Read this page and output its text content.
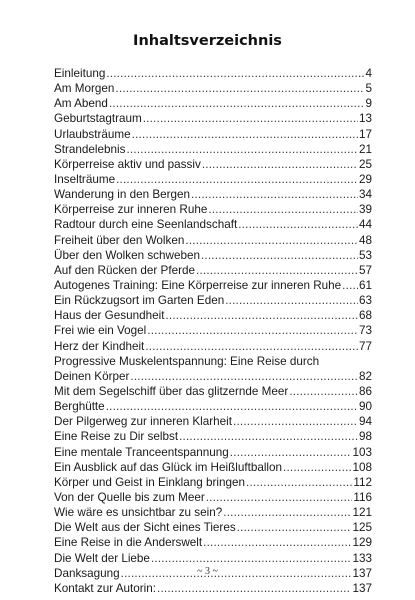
Inhaltsverzeichnis
Einleitung .....	4
Am Morgen .....	5
Am Abend .....	9
Geburtstagtraum .....	13
Urlaubsträume .....	17
Strandelebnis .....	21
Körperreise aktiv und passiv .....	25
Inselträume .....	29
Wanderung in den Bergen .....	34
Körperreise zur inneren Ruhe .....	39
Radtour durch eine Seenlandschaft .....	44
Freiheit über den Wolken .....	48
Über den Wolken schweben .....	53
Auf den Rücken der Pferde .....	57
Autogenes Training: Eine Körperreise zur inneren Ruhe ..... 61
Ein Rückzugsort im Garten Eden .....	63
Haus der Gesundheit .....	68
Frei wie ein Vogel .....	73
Herz der Kindheit .....	77
Progressive Muskelentspannung: Eine Reise durch
Deinen Körper .....	82
Mit dem Segelschiff über das glitzernde Meer .....	86
Berghütte .....	90
Der Pilgerweg zur inneren Klarheit .....	94
Eine Reise zu Dir selbst .....	98
Eine mentale Tranceentspannung .....	103
Ein Ausblick auf das Glück im Heißluftballon .....	108
Körper und Geist in Einklang bringen .....	112
Von der Quelle bis zum Meer .....	116
Wie wäre es unsichtbar zu sein? .....	121
Die Welt aus der Sicht eines Tieres .....	125
Eine Reise in die Anderswelt .....	129
Die Welt der Liebe .....	133
Danksagung .....	137
Kontakt zur Autorin: .....	137
~ 3 ~
